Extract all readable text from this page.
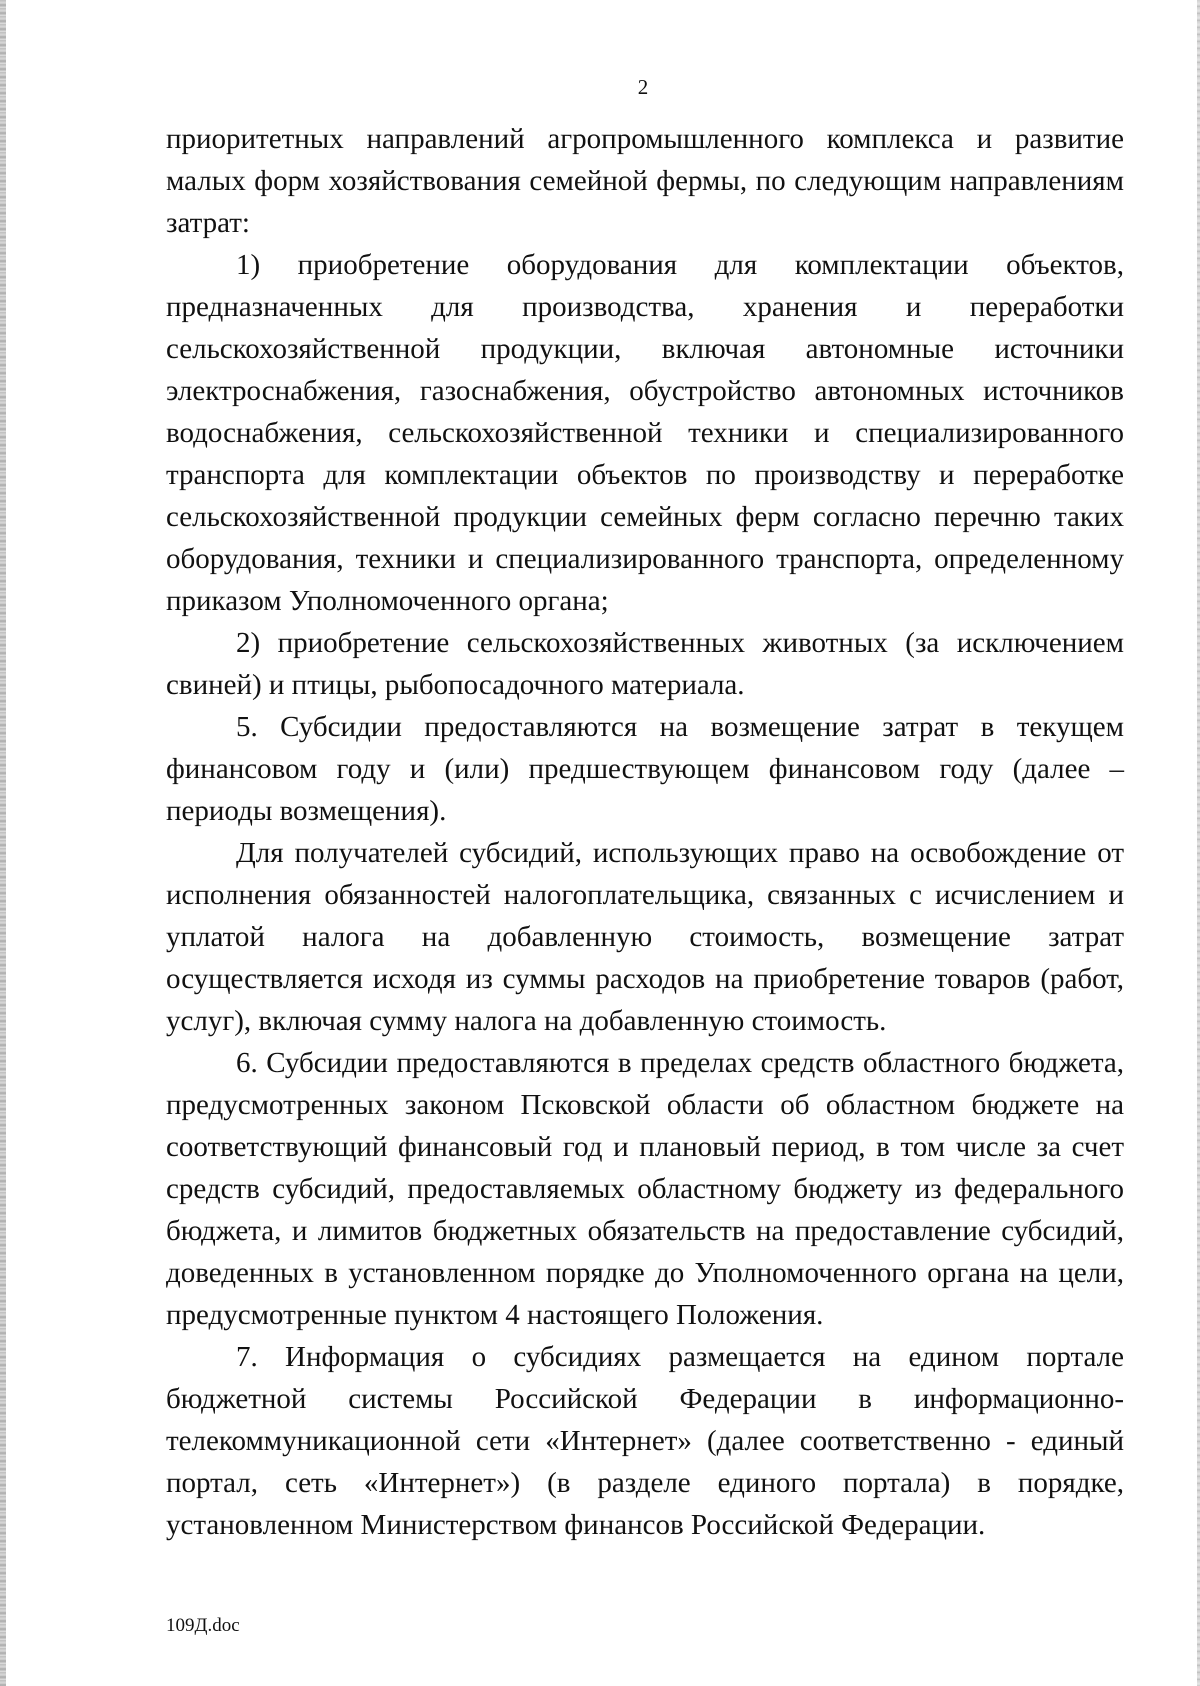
2

приоритетных направлений агропромышленного комплекса и развитие малых форм хозяйствования семейной фермы, по следующим направлениям затрат:

1) приобретение оборудования для комплектации объектов, предназначенных для производства, хранения и переработки сельскохозяйственной продукции, включая автономные источники электроснабжения, газоснабжения, обустройство автономных источников водоснабжения, сельскохозяйственной техники и специализированного транспорта для комплектации объектов по производству и переработке сельскохозяйственной продукции семейных ферм согласно перечню таких оборудования, техники и специализированного транспорта, определенному приказом Уполномоченного органа;

2) приобретение сельскохозяйственных животных (за исключением свиней) и птицы, рыбопосадочного материала.

5. Субсидии предоставляются на возмещение затрат в текущем финансовом году и (или) предшествующем финансовом году (далее – периоды возмещения).

Для получателей субсидий, использующих право на освобождение от исполнения обязанностей налогоплательщика, связанных с исчислением и уплатой налога на добавленную стоимость, возмещение затрат осуществляется исходя из суммы расходов на приобретение товаров (работ, услуг), включая сумму налога на добавленную стоимость.

6. Субсидии предоставляются в пределах средств областного бюджета, предусмотренных законом Псковской области об областном бюджете на соответствующий финансовый год и плановый период, в том числе за счет средств субсидий, предоставляемых областному бюджету из федерального бюджета, и лимитов бюджетных обязательств на предоставление субсидий, доведенных в установленном порядке до Уполномоченного органа на цели, предусмотренные пунктом 4 настоящего Положения.

7. Информация о субсидиях размещается на едином портале бюджетной системы Российской Федерации в информационно-телекоммуникационной сети «Интернет» (далее соответственно - единый портал, сеть «Интернет») (в разделе единого портала) в порядке, установленном Министерством финансов Российской Федерации.

109Д.doc
